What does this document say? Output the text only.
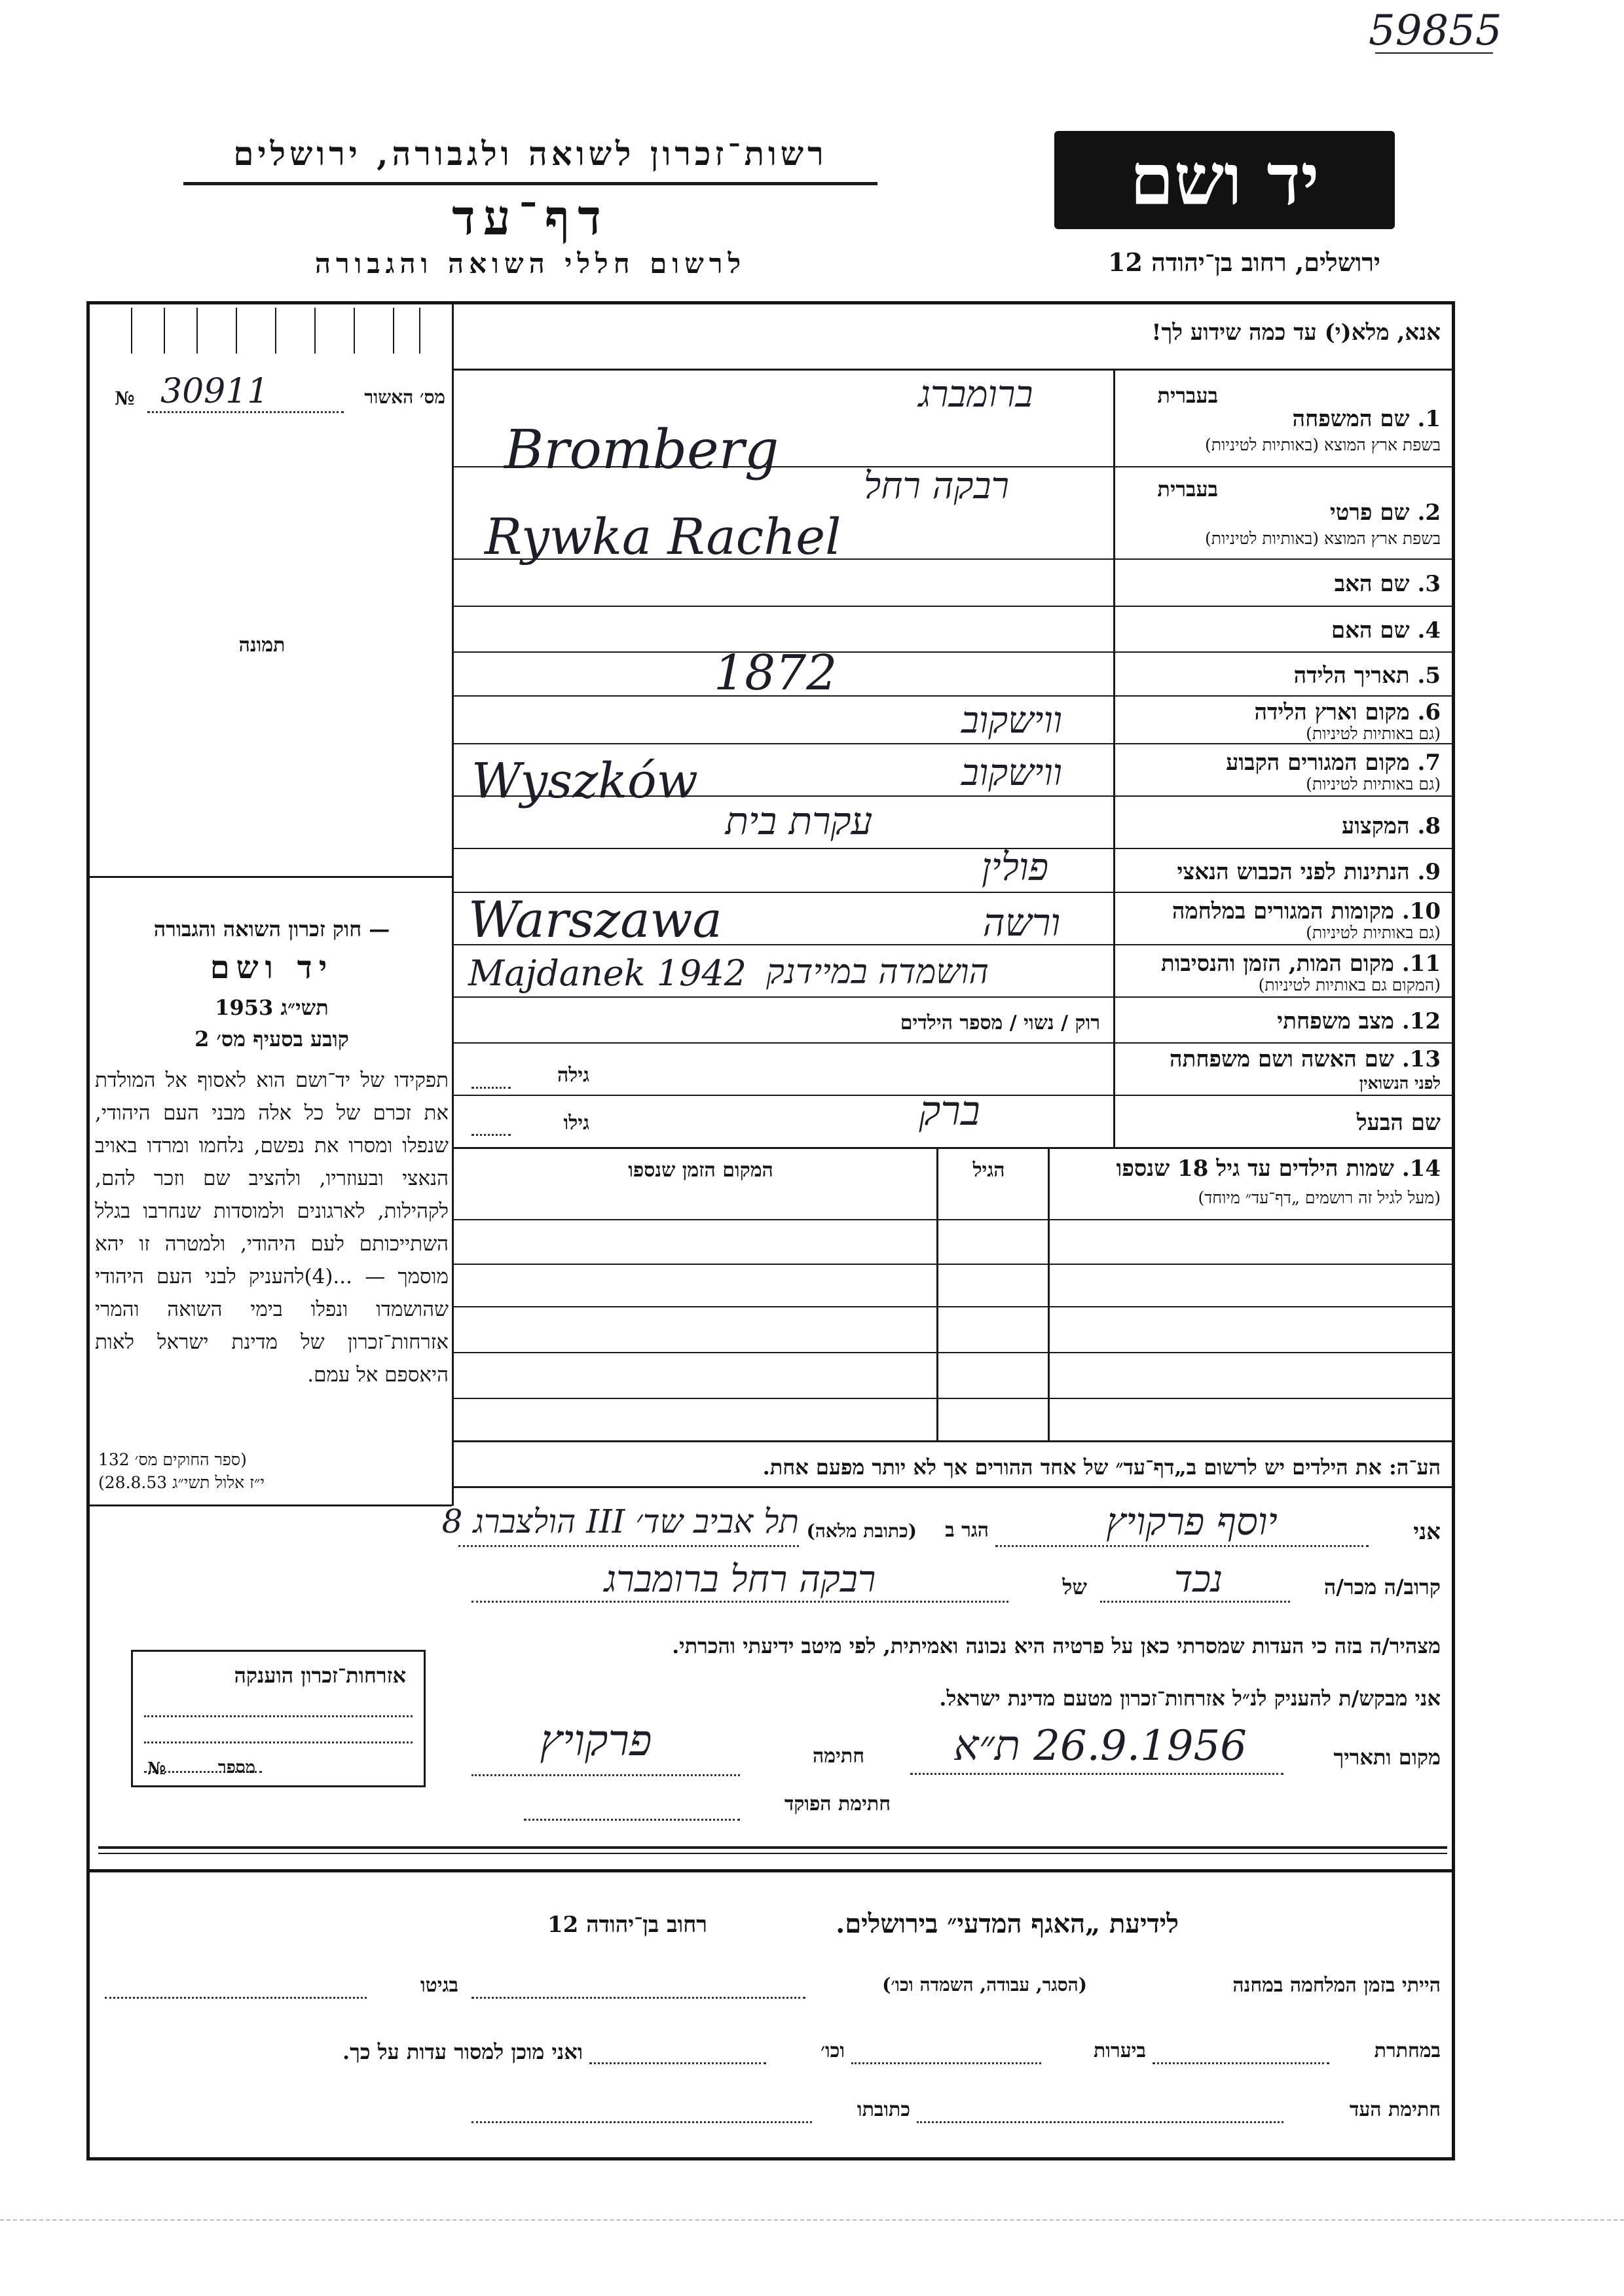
59855
רשות־זכרון לשואה ולגבורה, ירושלים
דף־עד
לרשום חללי השואה והגבורה
יד ושם
ירושלים, רחוב בן־יהודה 12
אנא, מלא(י) עד כמה שידוע לך!
מס׳ האשור
№ 30911
תמונה
בעברית
1. שם המשפחה
בשפת ארץ המוצא (באותיות לטיניות)
ברומברג
Bromberg
בעברית
2. שם פרטי
בשפת ארץ המוצא (באותיות לטיניות)
רבקה רחל
Rywka Rachel
3. שם האב
4. שם האם
5. תאריך הלידה
1872
6. מקום וארץ הלידה
(גם באותיות לטיניות)
ווישקוב
7. מקום המגורים הקבוע
(גם באותיות לטיניות)
ווישקוב
Wyszków
8. המקצוע
עקרת בית
9. הנתינות לפני הכבוש הנאצי
פולין
10. מקומות המגורים במלחמה
(גם באותיות לטיניות)
ורשה
Warszawa
11. מקום המות, הזמן והנסיבות
(המקום גם באותיות לטיניות)
הושמדה במיידנק
Majdanek 1942
12. מצב משפחתי
רוק / נשוי / מספר הילדים
13. שם האשה ושם משפחתה
לפני הנשואין
גילה
שם הבעל
ברק
גילו
14. שמות הילדים עד גיל 18 שנספו
(מעל לגיל זה רושמים „דף־עד״ מיוחד)
הגיל
המקום הזמן שנספו
— חוק זכרון השואה והגבורה
יד ושם
תשי״ג 1953
קובע בסעיף מס׳ 2
תפקידו של יד־ושם הוא לאסוף אל המולדת את זכרם של כל אלה מבני העם היהודי, שנפלו ומסרו את נפשם, נלחמו ומרדו באויב הנאצי ובעוזריו, ולהציב שם וזכר להם, לקהילות, לארגונים ולמוסדות שנחרבו בגלל השתייכותם לעם היהודי, ולמטרה זו יהא מוסמך — ...(4)להעניק לבני העם היהודי שהושמדו ונפלו בימי השואה והמרי אזרחות־זכרון של מדינת ישראל לאות היאספם אל עמם.
(ספר החוקים מס׳ 132
י״ז אלול תשי״ג 28.8.53)
הע־ה: את הילדים יש לרשום ב„דף־עד״ של אחד ההורים אך לא יותר מפעם אחת.
אני
יוסף פרקויץ
הגר ב
(כתובת מלאה)
תל אביב שד׳ III הולצברג 8
קרוב/ה מכר/ה
נכד
של
רבקה רחל ברומברג
מצהיר/ה בזה כי העדות שמסרתי כאן על פרטיה היא נכונה ואמיתית, לפי מיטב ידיעתי והכרתי.
אני מבקש/ת להעניק לנ״ל אזרחות־זכרון מטעם מדינת ישראל.
מקום ותאריך
26.9.1956 ת״א
חתימה
פרקויץ
חתימת הפוקד
אזרחות־זכרון הוענקה
מספר
№
לידיעת „האגף המדעי״ בירושלים.
רחוב בן־יהודה 12
הייתי בזמן המלחמה במחנה
(הסגר, עבודה, השמדה וכו׳)
בגיטו
במחתרת
ביערות
וכו׳
ואני מוכן למסור עדות על כך.
חתימת העד
כתובתו
